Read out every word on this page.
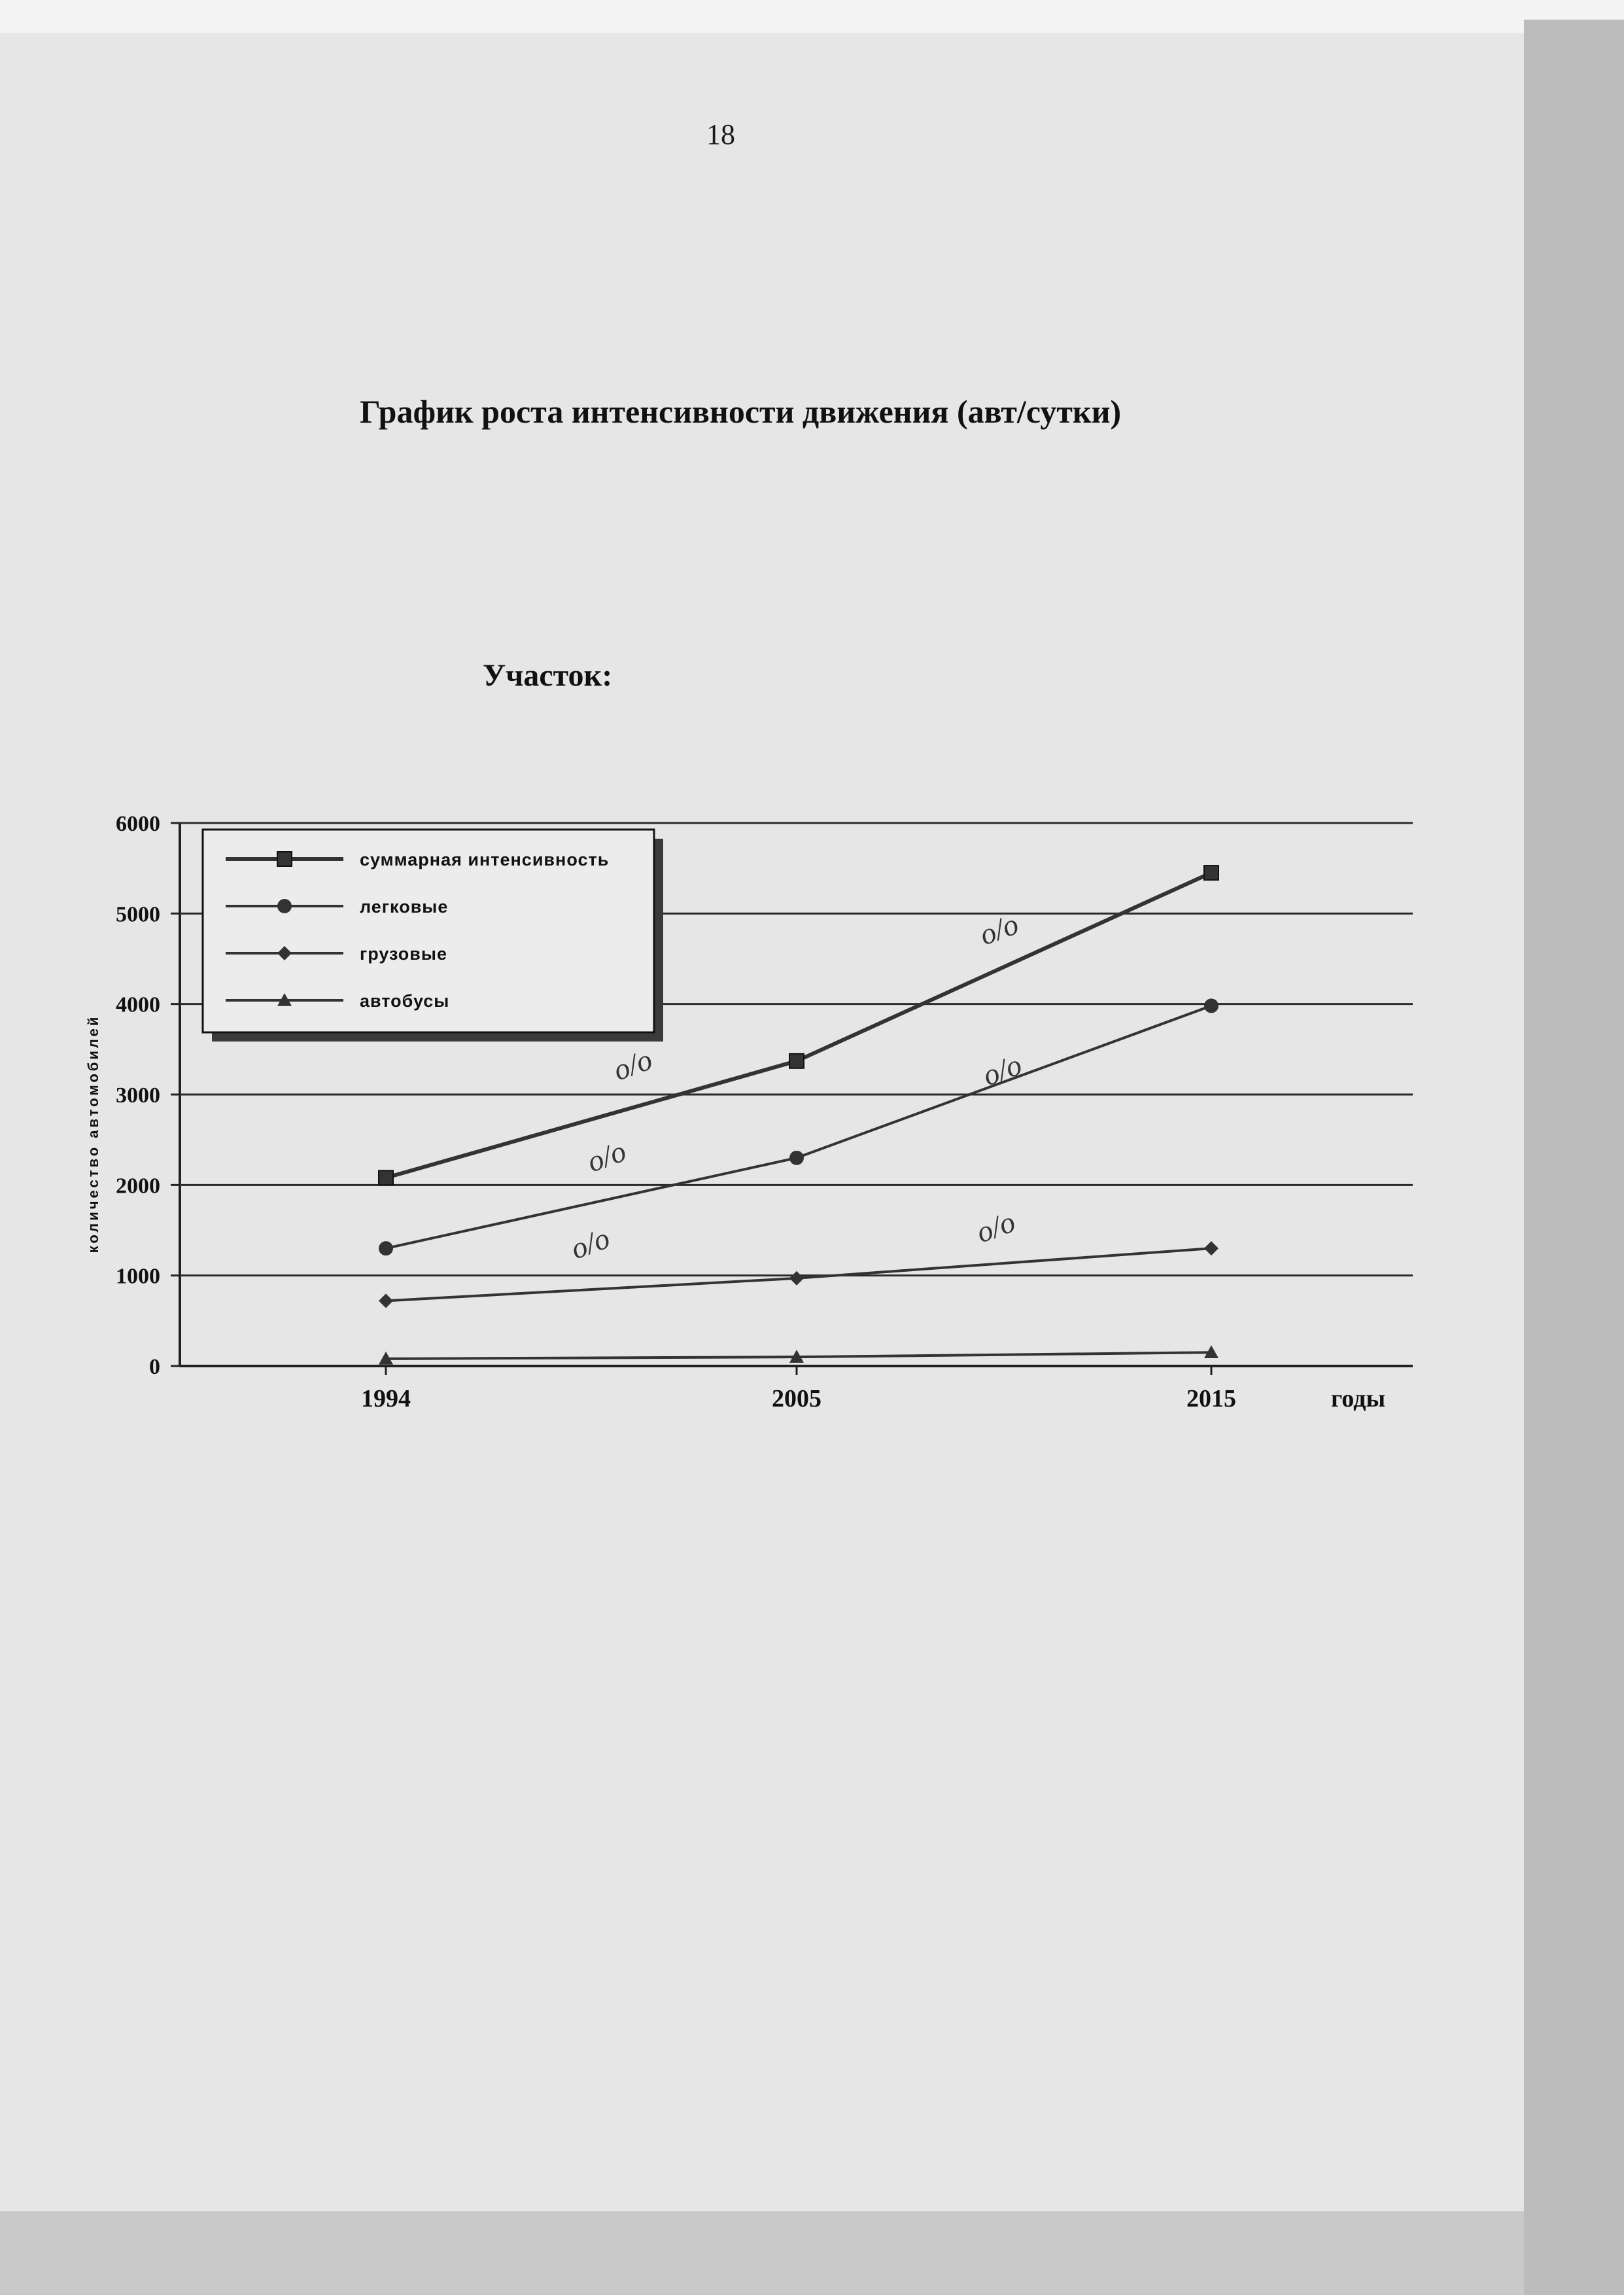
18
График роста интенсивности движения (авт/сутки)
Участок:
0
1000
2000
3000
4000
5000
6000
1994	2005	2015	годы
количество автомобилей	о/о
о/о
о/о
о/о
о/о
о/о
суммарная интенсивность
легковые
грузовые
автобусы
